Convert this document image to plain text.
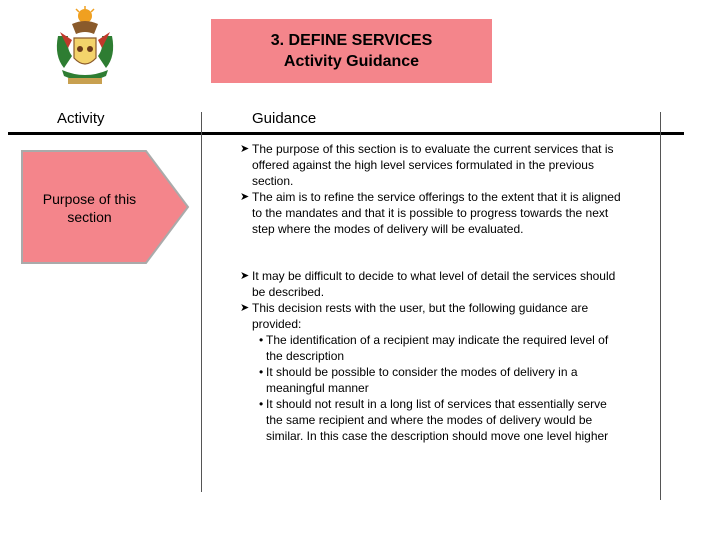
3. DEFINE SERVICES
Activity Guidance
Activity	Guidance
Purpose of this section
➤ The purpose of this section is to evaluate the current services that is offered against the high level services formulated in the previous section.
➤ The aim is to refine the service offerings to the extent that it is aligned to the mandates and that it is possible to progress towards the next step where the modes of delivery will be evaluated.
➤ It may be difficult to decide to what level of detail the services should be described.
➤ This decision rests with the user, but the following guidance are provided:
• The identification of a recipient may indicate the required level of the description
• It should be possible to consider the modes of delivery in a meaningful manner
• It should not result in a long list of services that essentially serve the same recipient and where the modes of delivery would be similar. In this case the description should move one level higher
